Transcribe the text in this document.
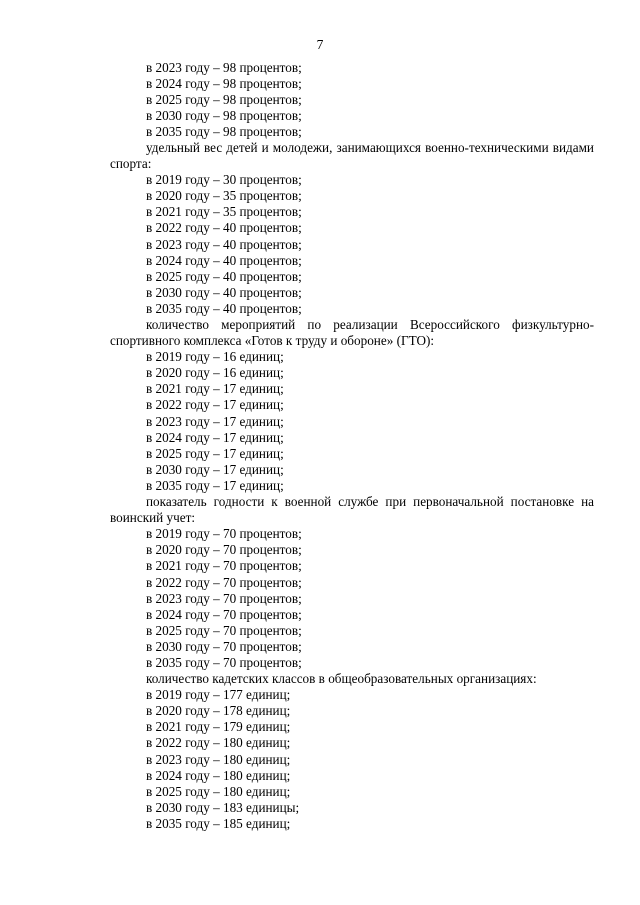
7
в 2023 году – 98 процентов;
в 2024 году – 98 процентов;
в 2025 году – 98 процентов;
в 2030 году – 98 процентов;
в 2035 году – 98 процентов;
удельный вес детей и молодежи, занимающихся военно-техническими видами спорта:
в 2019 году – 30 процентов;
в 2020 году – 35 процентов;
в 2021 году – 35 процентов;
в 2022 году – 40 процентов;
в 2023 году – 40 процентов;
в 2024 году – 40 процентов;
в 2025 году – 40 процентов;
в 2030 году – 40 процентов;
в 2035 году – 40 процентов;
количество мероприятий по реализации Всероссийского физкультурно-спортивного комплекса «Готов к труду и обороне» (ГТО):
в 2019 году – 16 единиц;
в 2020 году – 16 единиц;
в 2021 году – 17 единиц;
в 2022 году – 17 единиц;
в 2023 году – 17 единиц;
в 2024 году – 17 единиц;
в 2025 году – 17 единиц;
в 2030 году – 17 единиц;
в 2035 году – 17 единиц;
показатель годности к военной службе при первоначальной постановке на воинский учет:
в 2019 году – 70 процентов;
в 2020 году – 70 процентов;
в 2021 году – 70 процентов;
в 2022 году – 70 процентов;
в 2023 году – 70 процентов;
в 2024 году – 70 процентов;
в 2025 году – 70 процентов;
в 2030 году – 70 процентов;
в 2035 году – 70 процентов;
количество кадетских классов в общеобразовательных организациях:
в 2019 году – 177 единиц;
в 2020 году – 178 единиц;
в 2021 году – 179 единиц;
в 2022 году – 180 единиц;
в 2023 году – 180 единиц;
в 2024 году – 180 единиц;
в 2025 году – 180 единиц;
в 2030 году – 183 единицы;
в 2035 году – 185 единиц;
